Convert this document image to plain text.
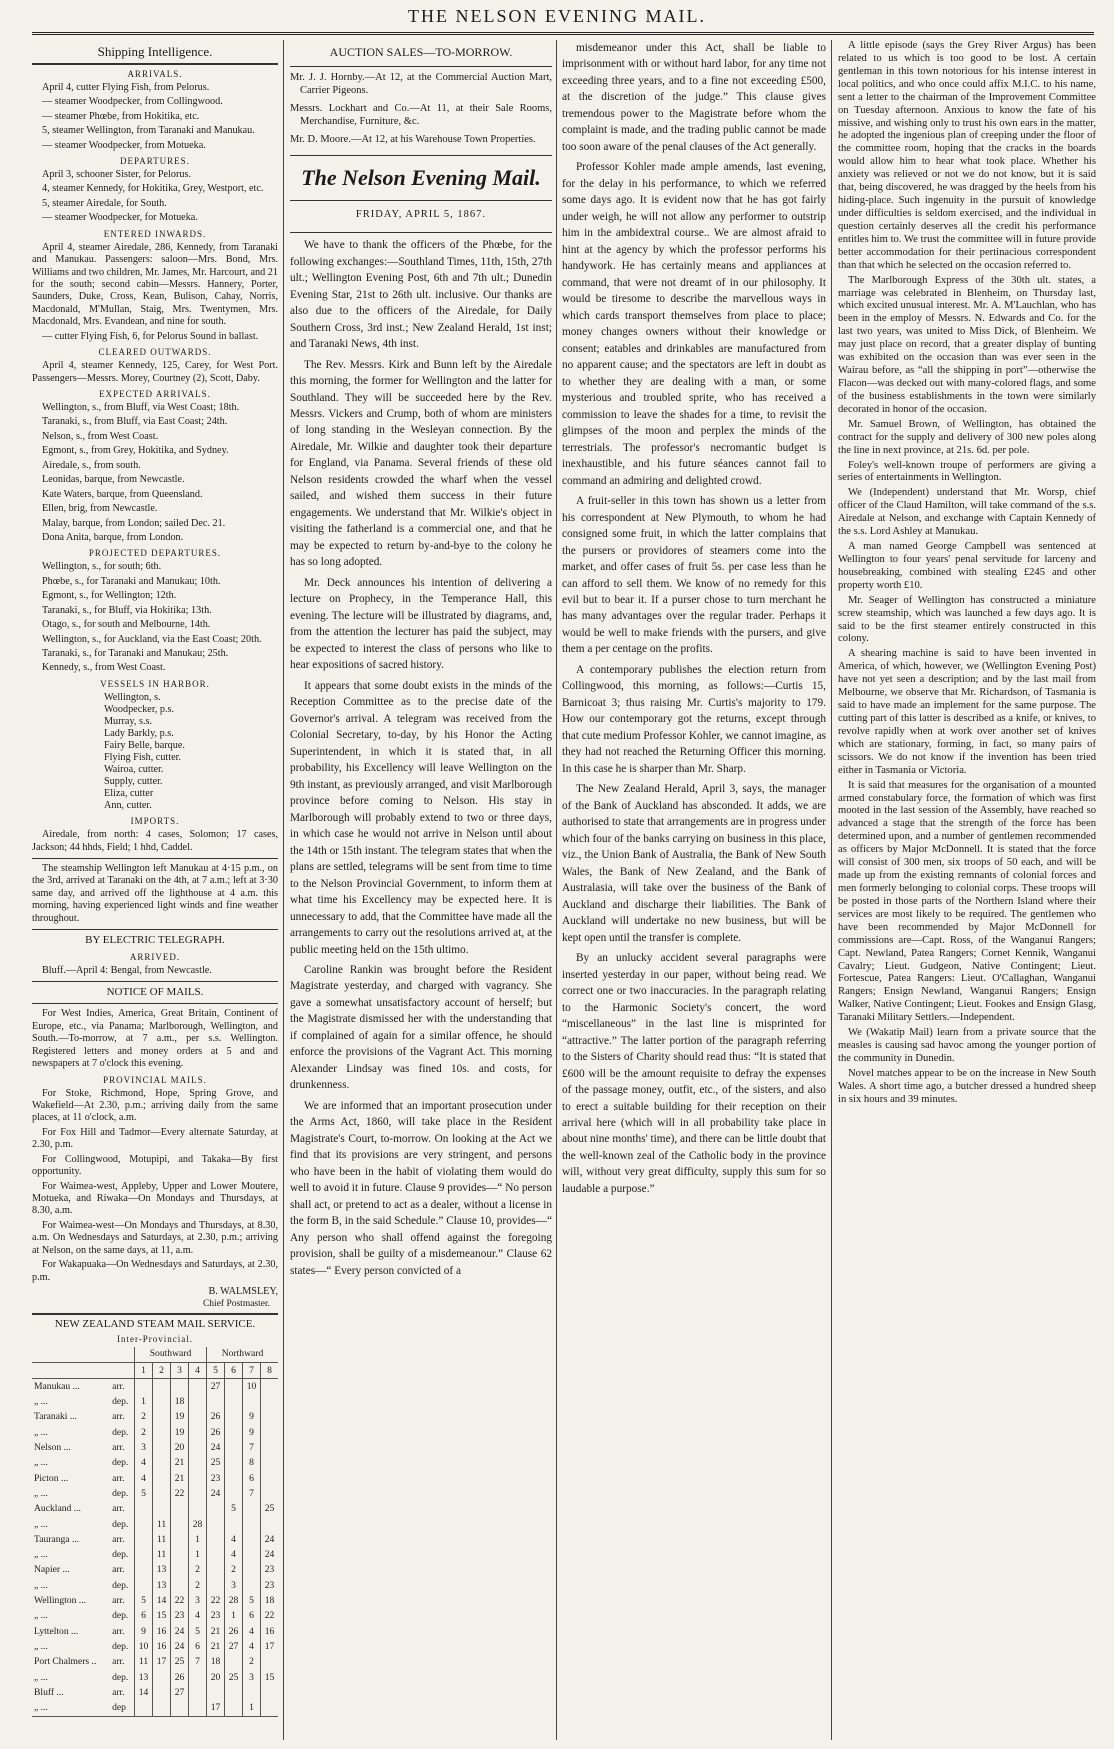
THE NELSON EVENING MAIL.
Shipping Intelligence.
ARRIVALS.

April 4, cutter Flying Fish, from Pelorus.

— steamer Woodpecker, from Collingwood.

— steamer Phœbe, from Hokitika, etc.

5, steamer Wellington, from Taranaki and Manukau.

— steamer Woodpecker, from Motueka.

DEPARTURES.

April 3, schooner Sister, for Pelorus.

4, steamer Kennedy, for Hokitika, Grey, Westport, etc.

5, steamer Airedale, for South.

— steamer Woodpecker, for Motueka.

ENTERED INWARDS.

April 4, steamer Airedale, 286, Kennedy, from Taranaki and Manukau. Passengers: saloon—Mrs. Bond, Mrs. Williams and two children, Mr. James, Mr. Harcourt, and 21 for the south; second cabin—Messrs. Hannery, Porter, Saunders, Duke, Cross, Kean, Bulison, Cahay, Norris, Macdonald, M'Mullan, Staig, Mrs. Twentymen, Mrs. Macdonald, Mrs. Evandean, and nine for south.

— cutter Flying Fish, 6, for Pelorus Sound in ballast.

CLEARED OUTWARDS.

April 4, steamer Kennedy, 125, Carey, for West Port. Passengers—Messrs. Morey, Courtney (2), Scott, Daby.

EXPECTED ARRIVALS.

Wellington, s., from Bluff, via West Coast; 18th.

Taranaki, s., from Bluff, via East Coast; 24th.

Nelson, s., from West Coast.

Egmont, s., from Grey, Hokitika, and Sydney.

Airedale, s., from south.

Leonidas, barque, from Newcastle.

Kate Waters, barque, from Queensland.

Ellen, brig, from Newcastle.

Malay, barque, from London; sailed Dec. 21.

Dona Anita, barque, from London.

PROJECTED DEPARTURES.

Wellington, s., for south; 6th.

Phœbe, s., for Taranaki and Manukau; 10th.

Egmont, s., for Wellington; 12th.

Taranaki, s., for Bluff, via Hokitika; 13th.

Otago, s., for south and Melbourne, 14th.

Wellington, s., for Auckland, via the East Coast; 20th.

Taranaki, s., for Taranaki and Manukau; 25th.

Kennedy, s., from West Coast.

VESSELS IN HARBOR.

Wellington, s.

Woodpecker, p.s.

Murray, s.s.

Lady Barkly, p.s.

Fairy Belle, barque.

Flying Fish, cutter.

Wairoa, cutter.

Supply, cutter.

Eliza, cutter

Ann, cutter.

IMPORTS.

Airedale, from north: 4 cases, Solomon; 17 cases, Jackson; 44 hhds, Field; 1 hhd, Caddel.

The steamship Wellington left Manukau at 4·15 p.m., on the 3rd, arrived at Taranaki on the 4th, at 7 a.m.; left at 3·30 same day, and arrived off the lighthouse at 4 a.m. this morning, having experienced light winds and fine weather throughout.

BY ELECTRIC TELEGRAPH.
ARRIVED.

Bluff.—April 4: Bengal, from Newcastle.

NOTICE OF MAILS.

For West Indies, America, Great Britain, Continent of Europe, etc., via Panama; Marlborough, Wellington, and South.—To-morrow, at 7 a.m., per s.s. Wellington. Registered letters and money orders at 5 and and newspapers at 7 o'clock this evening.

PROVINCIAL MAILS.

For Stoke, Richmond, Hope, Spring Grove, and Wakefield—At 2.30, p.m.; arriving daily from the same places, at 11 o'clock, a.m.

For Fox Hill and Tadmor—Every alternate Saturday, at 2.30, p.m.

For Collingwood, Motupipi, and Takaka—By first opportunity.

For Waimea-west, Appleby, Upper and Lower Moutere, Motueka, and Riwaka—On Mondays and Thursdays, at 8.30, a.m.

For Waimea-west—On Mondays and Thursdays, at 8.30, a.m. On Wednesdays and Saturdays, at 2.30, p.m.; arriving at Nelson, on the same days, at 11, a.m.

For Wakapuaka—On Wednesdays and Saturdays, at 2.30, p.m.

B. WALMSLEY,

Chief Postmaster.

NEW ZEALAND STEAM MAIL SERVICE.
Inter-Provincial.
		Southward				Northward			
		1	2	3	4	5	6	7	8
Manukau ...	arr.					27		10	
„ ...	dep.	1		18					
Taranaki ...	arr.	2		19		26		9	
„ ...	dep.	2		19		26		9	
Nelson ...	arr.	3		20		24		7	
„ ...	dep.	4		21		25		8	
Picton ...	arr.	4		21		23		6	
„ ...	dep.	5		22		24		7	
Auckland ...	arr.						5		25
„ ...	dep.		11		28				
Tauranga ...	arr.		11		1		4		24
„ ...	dep.		11		1		4		24
Napier ...	arr.		13		2		2		23
„ ...	dep.		13		2		3		23
Wellington ...	arr.	5	14	22	3	22	28	5	18
„ ...	dep.	6	15	23	4	23	1	6	22
Lyttelton ...	arr.	9	16	24	5	21	26	4	16
„ ...	dep.	10	16	24	6	21	27	4	17
Port Chalmers ..	arr.	11	17	25	7	18		2	
„ ...	dep.	13		26		20	25	3	15
Bluff ...	arr.	14		27					
„ ...	dep					17		1	
AUCTION SALES—TO-MORROW.

Mr. J. J. Hornby.—At 12, at the Commercial Auction Mart, Carrier Pigeons.

Messrs. Lockhart and Co.—At 11, at their Sale Rooms, Merchandise, Furniture, &c.

Mr. D. Moore.—At 12, at his Warehouse Town Properties.

The Nelson Evening Mail.
FRIDAY, APRIL 5, 1867.

We have to thank the officers of the Phœbe, for the following exchanges:—Southland Times, 11th, 15th, 27th ult.; Wellington Evening Post, 6th and 7th ult.; Dunedin Evening Star, 21st to 26th ult. inclusive. Our thanks are also due to the officers of the Airedale, for Daily Southern Cross, 3rd inst.; New Zealand Herald, 1st inst; and Taranaki News, 4th inst.

The Rev. Messrs. Kirk and Bunn left by the Airedale this morning, the former for Wellington and the latter for Southland. They will be succeeded here by the Rev. Messrs. Vickers and Crump, both of whom are ministers of long standing in the Wesleyan connection. By the Airedale, Mr. Wilkie and daughter took their departure for England, via Panama. Several friends of these old Nelson residents crowded the wharf when the vessel sailed, and wished them success in their future engagements. We understand that Mr. Wilkie's object in visiting the fatherland is a commercial one, and that he may be expected to return by-and-bye to the colony he has so long adopted.

Mr. Deck announces his intention of delivering a lecture on Prophecy, in the Temperance Hall, this evening. The lecture will be illustrated by diagrams, and, from the attention the lecturer has paid the subject, may be expected to interest the class of persons who like to hear expositions of sacred history.

It appears that some doubt exists in the minds of the Reception Committee as to the precise date of the Governor's arrival. A telegram was received from the Colonial Secretary, to-day, by his Honor the Acting Superintendent, in which it is stated that, in all probability, his Excellency will leave Wellington on the 9th instant, as previously arranged, and visit Marlborough province before coming to Nelson. His stay in Marlborough will probably extend to two or three days, in which case he would not arrive in Nelson until about the 14th or 15th instant. The telegram states that when the plans are settled, telegrams will be sent from time to time to the Nelson Provincial Government, to inform them at what time his Excellency may be expected here. It is unnecessary to add, that the Committee have made all the arrangements to carry out the resolutions arrived at, at the public meeting held on the 15th ultimo.

Caroline Rankin was brought before the Resident Magistrate yesterday, and charged with vagrancy. She gave a somewhat unsatisfactory account of herself; but the Magistrate dismissed her with the understanding that if complained of again for a similar offence, he should enforce the provisions of the Vagrant Act. This morning Alexander Lindsay was fined 10s. and costs, for drunkenness.

We are informed that an important prosecution under the Arms Act, 1860, will take place in the Resident Magistrate's Court, to-morrow. On looking at the Act we find that its provisions are very stringent, and persons who have been in the habit of violating them would do well to avoid it in future. Clause 9 provides—“ No person shall act, or pretend to act as a dealer, without a license in the form B, in the said Schedule.” Clause 10, provides—“ Any person who shall offend against the foregoing provision, shall be guilty of a misdemeanour.” Clause 62 states—“ Every person convicted of a

misdemeanor under this Act, shall be liable to imprisonment with or without hard labor, for any time not exceeding three years, and to a fine not exceeding £500, at the discretion of the judge.” This clause gives tremendous power to the Magistrate before whom the complaint is made, and the trading public cannot be made too soon aware of the penal clauses of the Act generally.

Professor Kohler made ample amends, last evening, for the delay in his performance, to which we referred some days ago. It is evident now that he has got fairly under weigh, he will not allow any performer to outstrip him in the ambidextral course.. We are almost afraid to hint at the agency by which the professor performs his handywork. He has certainly means and appliances at command, that were not dreamt of in our philosophy. It would be tiresome to describe the marvellous ways in which cards transport themselves from place to place; money changes owners without their knowledge or consent; eatables and drinkables are manufactured from no apparent cause; and the spectators are left in doubt as to whether they are dealing with a man, or some mysterious and troubled sprite, who has received a commission to leave the shades for a time, to revisit the glimpses of the moon and perplex the minds of the terrestrials. The professor's necromantic budget is inexhaustible, and his future séances cannot fail to command an admiring and delighted crowd.

A fruit-seller in this town has shown us a letter from his correspondent at New Plymouth, to whom he had consigned some fruit, in which the latter complains that the pursers or providores of steamers come into the market, and offer cases of fruit 5s. per case less than he can afford to sell them. We know of no remedy for this evil but to bear it. If a purser chose to turn merchant he has many advantages over the regular trader. Perhaps it would be well to make friends with the pursers, and give them a per centage on the profits.

A contemporary publishes the election return from Collingwood, this morning, as follows:—Curtis 15, Barnicoat 3; thus raising Mr. Curtis's majority to 179. How our contemporary got the returns, except through that cute medium Professor Kohler, we cannot imagine, as they had not reached the Returning Officer this morning. In this case he is sharper than Mr. Sharp.

The New Zealand Herald, April 3, says, the manager of the Bank of Auckland has absconded. It adds, we are authorised to state that arrangements are in progress under which four of the banks carrying on business in this place, viz., the Union Bank of Australia, the Bank of New South Wales, the Bank of New Zealand, and the Bank of Australasia, will take over the business of the Bank of Auckland and discharge their liabilities. The Bank of Auckland will undertake no new business, but will be kept open until the transfer is complete.

By an unlucky accident several paragraphs were inserted yesterday in our paper, without being read. We correct one or two inaccuracies. In the paragraph relating to the Harmonic Society's concert, the word “miscellaneous” in the last line is misprinted for “attractive.” The latter portion of the paragraph referring to the Sisters of Charity should read thus: “It is stated that £600 will be the amount requisite to defray the expenses of the passage money, outfit, etc., of the sisters, and also to erect a suitable building for their reception on their arrival here (which will in all probability take place in about nine months' time), and there can be little doubt that the well-known zeal of the Catholic body in the province will, without very great difficulty, supply this sum for so laudable a purpose.”

A little episode (says the Grey River Argus) has been related to us which is too good to be lost. A certain gentleman in this town notorious for his intense interest in local politics, and who once could affix M.I.C. to his name, sent a letter to the chairman of the Improvement Committee on Tuesday afternoon. Anxious to know the fate of his missive, and wishing only to trust his own ears in the matter, he adopted the ingenious plan of creeping under the floor of the committee room, hoping that the cracks in the boards would allow him to hear what took place. Whether his anxiety was relieved or not we do not know, but it is said that, being discovered, he was dragged by the heels from his hiding-place. Such ingenuity in the pursuit of knowledge under difficulties is seldom exercised, and the individual in question certainly deserves all the credit his performance entitles him to. We trust the committee will in future provide better accommodation for their pertinacious correspondent than that which he selected on the occasion referred to.

The Marlborough Express of the 30th ult. states, a marriage was celebrated in Blenheim, on Thursday last, which excited unusual interest. Mr. A. M'Lauchlan, who has been in the employ of Messrs. N. Edwards and Co. for the last two years, was united to Miss Dick, of Blenheim. We may just place on record, that a greater display of bunting was exhibited on the occasion than was ever seen in the Wairau before, as “all the shipping in port”—otherwise the Flacon—was decked out with many-colored flags, and some of the business establishments in the town were similarly decorated in honor of the occasion.

Mr. Samuel Brown, of Wellington, has obtained the contract for the supply and delivery of 300 new poles along the line in next province, at 21s. 6d. per pole.

Foley's well-known troupe of performers are giving a series of entertainments in Wellington.

We (Independent) understand that Mr. Worsp, chief officer of the Claud Hamilton, will take command of the s.s. Airedale at Nelson, and exchange with Captain Kennedy of the s.s. Lord Ashley at Manukau.

A man named George Campbell was sentenced at Wellington to four years' penal servitude for larceny and housebreaking, combined with stealing £245 and other property worth £10.

Mr. Seager of Wellington has constructed a miniature screw steamship, which was launched a few days ago. It is said to be the first steamer entirely constructed in this colony.

A shearing machine is said to have been invented in America, of which, however, we (Wellington Evening Post) have not yet seen a description; and by the last mail from Melbourne, we observe that Mr. Richardson, of Tasmania is said to have made an implement for the same purpose. The cutting part of this latter is described as a knife, or knives, to revolve rapidly when at work over another set of knives which are stationary, forming, in fact, so many pairs of scissors. We do not know if the invention has been tried either in Tasmania or Victoria.

It is said that measures for the organisation of a mounted armed constabulary force, the formation of which was first mooted in the last session of the Assembly, have reached so advanced a stage that the strength of the force has been determined upon, and a number of gentlemen recommended as officers by Major McDonnell. It is stated that the force will consist of 300 men, six troops of 50 each, and will be made up from the existing remnants of colonial forces and men formerly belonging to colonial corps. These troops will be posted in those parts of the Northern Island where their services are most likely to be required. The gentlemen who have been recommended by Major McDonnell for commissions are—Capt. Ross, of the Wanganui Rangers; Capt. Newland, Patea Rangers; Cornet Kennik, Wanganui Cavalry; Lieut. Gudgeon, Native Contingent; Lieut. Fortescue, Patea Rangers: Lieut. O'Callaghan, Wanganui Rangers; Ensign Newland, Wanganui Rangers; Ensign Walker, Native Contingent; Lieut. Fookes and Ensign Glasg, Taranaki Military Settlers.—Independent.

We (Wakatip Mail) learn from a private source that the measles is causing sad havoc among the younger portion of the community in Dunedin.

Novel matches appear to be on the increase in New South Wales. A short time ago, a butcher dressed a hundred sheep in six hours and 39 minutes.
